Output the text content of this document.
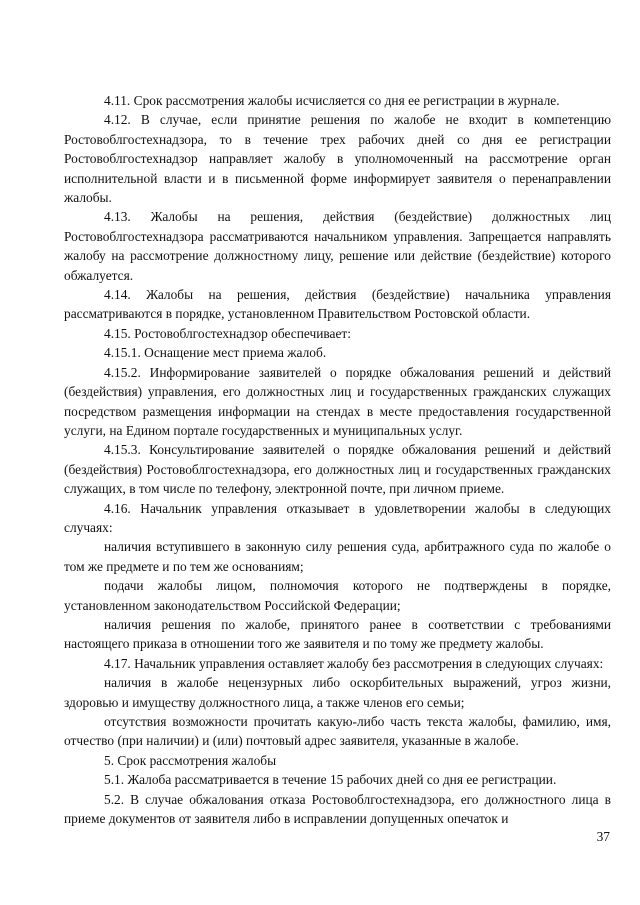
4.11. Срок рассмотрения жалобы исчисляется со дня ее регистрации в журнале.

4.12. В случае, если принятие решения по жалобе не входит в компетенцию Ростовоблгостехнадзора, то в течение трех рабочих дней со дня ее регистрации Ростовоблгостехнадзор направляет жалобу в уполномоченный на рассмотрение орган исполнительной власти и в письменной форме информирует заявителя о перенаправлении жалобы.

4.13. Жалобы на решения, действия (бездействие) должностных лиц Ростовоблгостехнадзора рассматриваются начальником управления. Запрещается направлять жалобу на рассмотрение должностному лицу, решение или действие (бездействие) которого обжалуется.

4.14. Жалобы на решения, действия (бездействие) начальника управления рассматриваются в порядке, установленном Правительством Ростовской области.

4.15. Ростовоблгостехнадзор обеспечивает:

4.15.1. Оснащение мест приема жалоб.

4.15.2. Информирование заявителей о порядке обжалования решений и действий (бездействия) управления, его должностных лиц и государственных гражданских служащих посредством размещения информации на стендах в месте предоставления государственной услуги, на Едином портале государственных и муниципальных услуг.

4.15.3. Консультирование заявителей о порядке обжалования решений и действий (бездействия) Ростовоблгостехнадзора, его должностных лиц и государственных гражданских служащих, в том числе по телефону, электронной почте, при личном приеме.

4.16. Начальник управления отказывает в удовлетворении жалобы в следующих случаях:

наличия вступившего в законную силу решения суда, арбитражного суда по жалобе о том же предмете и по тем же основаниям;

подачи жалобы лицом, полномочия которого не подтверждены в порядке, установленном законодательством Российской Федерации;

наличия решения по жалобе, принятого ранее в соответствии с требованиями настоящего приказа в отношении того же заявителя и по тому же предмету жалобы.

4.17. Начальник управления оставляет жалобу без рассмотрения в следующих случаях:

наличия в жалобе нецензурных либо оскорбительных выражений, угроз жизни, здоровью и имуществу должностного лица, а также членов его семьи;

отсутствия возможности прочитать какую-либо часть текста жалобы, фамилию, имя, отчество (при наличии) и (или) почтовый адрес заявителя, указанные в жалобе.

5. Срок рассмотрения жалобы

5.1. Жалоба рассматривается в течение 15 рабочих дней со дня ее регистрации.

5.2. В случае обжалования отказа Ростовоблгостехнадзора, его должностного лица в приеме документов от заявителя либо в исправлении допущенных опечаток и

37
